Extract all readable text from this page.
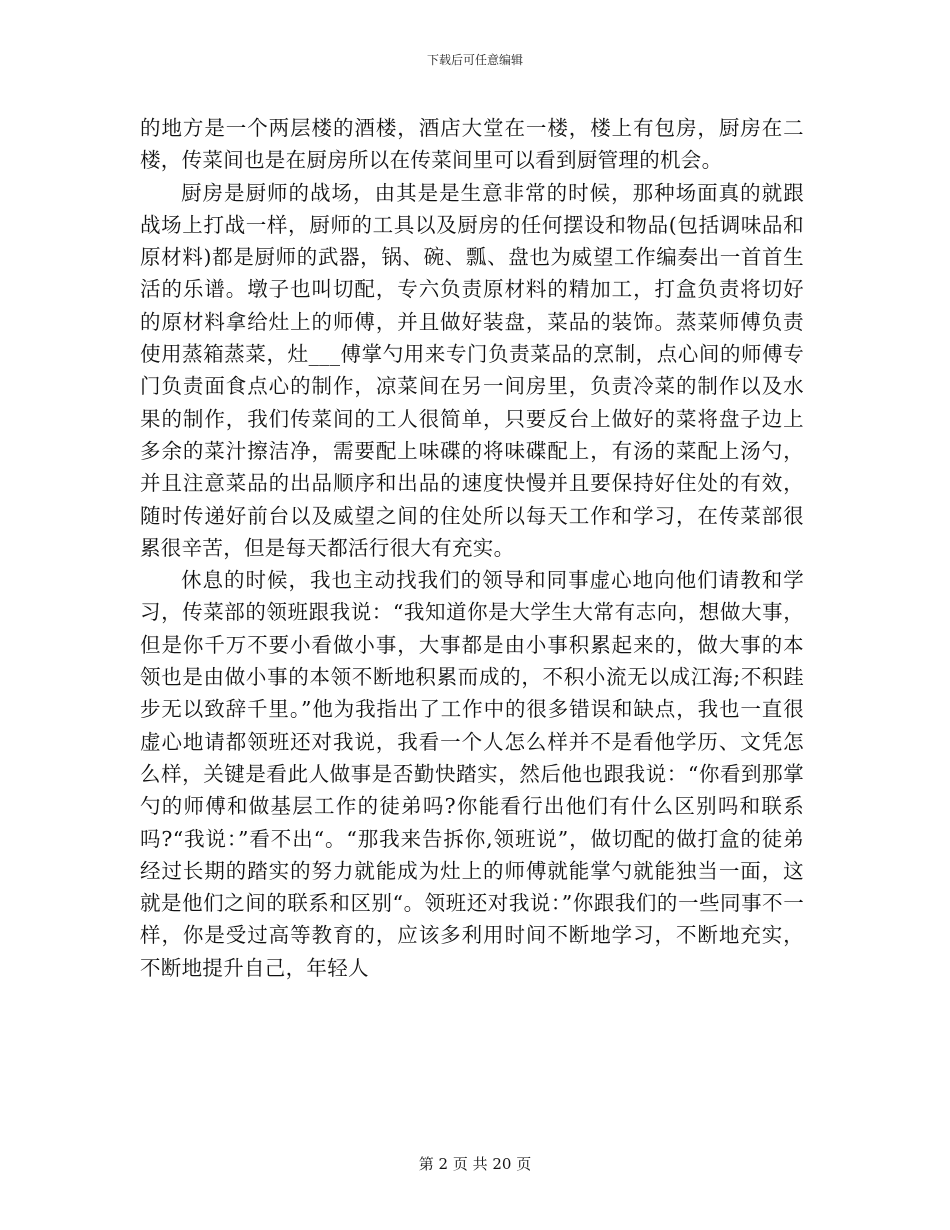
下载后可任意编辑

的地方是一个两层楼的酒楼，酒店大堂在一楼，楼上有包房，厨房在二楼，传菜间也是在厨房所以在传菜间里可以看到厨管理的机会。

厨房是厨师的战场，由其是是生意非常的时候，那种场面真的就跟战场上打战一样，厨师的工具以及厨房的任何摆设和物品(包括调味品和原材料)都是厨师的武器，锅、碗、瓢、盘也为威望工作编奏出一首首生活的乐谱。墩子也叫切配，专六负责原材料的精加工，打盒负责将切好的原材料拿给灶上的师傅，并且做好装盘，菜品的装饰。蒸菜师傅负责使用蒸箱蒸菜，灶___傅掌勺用来专门负责菜品的烹制，点心间的师傅专门负责面食点心的制作，凉菜间在另一间房里，负责冷菜的制作以及水果的制作，我们传菜间的工人很简单，只要反台上做好的菜将盘子边上多余的菜汁擦洁净，需要配上味碟的将味碟配上，有汤的菜配上汤勺，并且注意菜品的出品顺序和出品的速度快慢并且要保持好住处的有效，随时传递好前台以及威望之间的住处所以每天工作和学习，在传菜部很累很辛苦，但是每天都活行很大有充实。

休息的时候，我也主动找我们的领导和同事虚心地向他们请教和学习，传菜部的领班跟我说：“我知道你是大学生大常有志向，想做大事，但是你千万不要小看做小事，大事都是由小事积累起来的，做大事的本领也是由做小事的本领不断地积累而成的，不积小流无以成江海;不积跬步无以致辞千里。”他为我指出了工作中的很多错误和缺点，我也一直很虚心地请都领班还对我说，我看一个人怎么样并不是看他学历、文凭怎么样，关键是看此人做事是否勤快踏实，然后他也跟我说：“你看到那掌勺的师傅和做基层工作的徒弟吗?你能看行出他们有什么区别吗和联系吗?“我说：”看不出“。“那我来告拆你,领班说”，做切配的做打盒的徒弟经过长期的踏实的努力就能成为灶上的师傅就能掌勺就能独当一面，这就是他们之间的联系和区别“。领班还对我说：”你跟我们的一些同事不一样，你是受过高等教育的，应该多利用时间不断地学习，不断地充实，不断地提升自己，年轻人

第 2 页 共 20 页
